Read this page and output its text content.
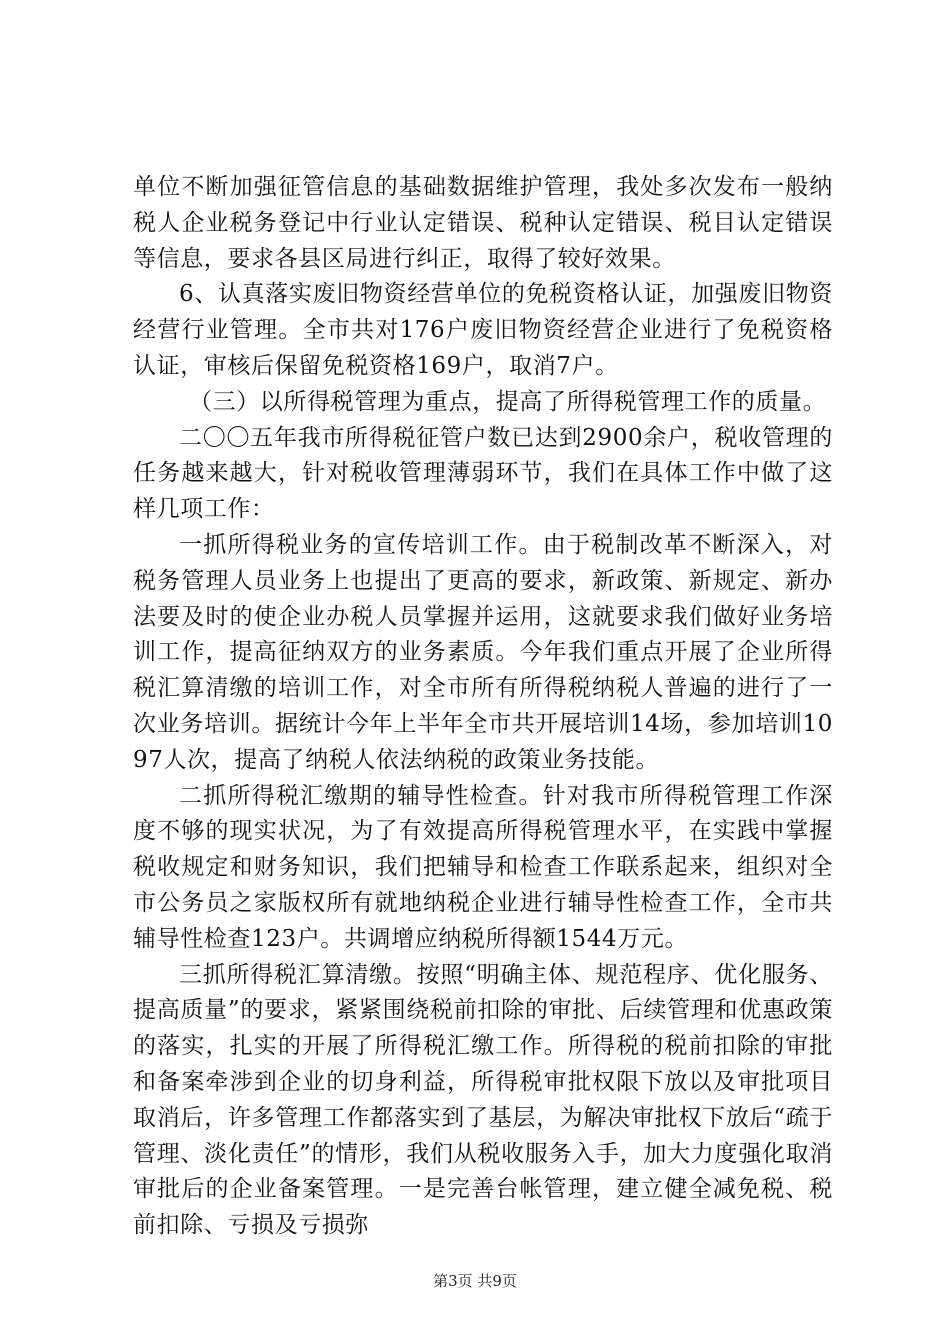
单位不断加强征管信息的基础数据维护管理，我处多次发布一般纳税人企业税务登记中行业认定错误、税种认定错误、税目认定错误等信息，要求各县区局进行纠正，取得了较好效果。

6、认真落实废旧物资经营单位的免税资格认证，加强废旧物资经营行业管理。全市共对176户废旧物资经营企业进行了免税资格认证，审核后保留免税资格169户，取消7户。

（三）以所得税管理为重点，提高了所得税管理工作的质量。

二〇〇五年我市所得税征管户数已达到2900余户，税收管理的任务越来越大，针对税收管理薄弱环节，我们在具体工作中做了这样几项工作：

一抓所得税业务的宣传培训工作。由于税制改革不断深入，对税务管理人员业务上也提出了更高的要求，新政策、新规定、新办法要及时的使企业办税人员掌握并运用，这就要求我们做好业务培训工作，提高征纳双方的业务素质。今年我们重点开展了企业所得税汇算清缴的培训工作，对全市所有所得税纳税人普遍的进行了一次业务培训。据统计今年上半年全市共开展培训14场，参加培训1097人次，提高了纳税人依法纳税的政策业务技能。

二抓所得税汇缴期的辅导性检查。针对我市所得税管理工作深度不够的现实状况，为了有效提高所得税管理水平，在实践中掌握税收规定和财务知识，我们把辅导和检查工作联系起来，组织对全市公务员之家版权所有就地纳税企业进行辅导性检查工作，全市共辅导性检查123户。共调增应纳税所得额1544万元。

三抓所得税汇算清缴。按照“明确主体、规范程序、优化服务、提高质量”的要求，紧紧围绕税前扣除的审批、后续管理和优惠政策的落实，扎实的开展了所得税汇缴工作。所得税的税前扣除的审批和备案牵涉到企业的切身利益，所得税审批权限下放以及审批项目取消后，许多管理工作都落实到了基层，为解决审批权下放后“疏于管理、淡化责任”的情形，我们从税收服务入手，加大力度强化取消审批后的企业备案管理。一是完善台帐管理，建立健全减免税、税前扣除、亏损及亏损弥

第3页 共9页
